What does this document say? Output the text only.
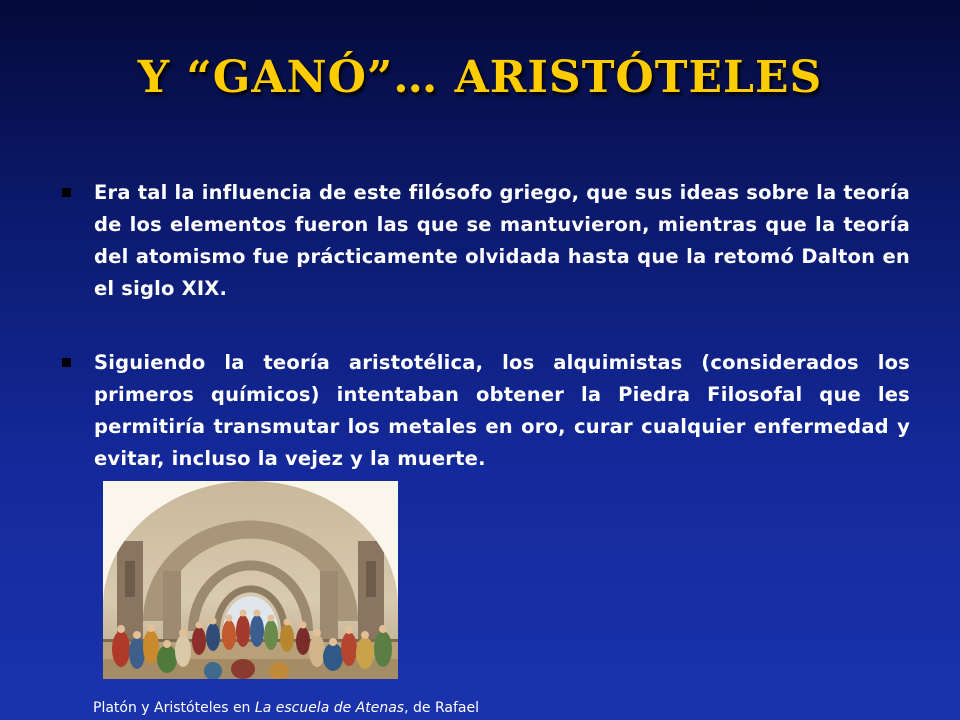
Y “GANÓ”… ARISTÓTELES
Era tal la influencia de este filósofo griego, que sus ideas sobre la teoría de los elementos fueron las que se mantuvieron, mientras que la teoría del atomismo fue prácticamente olvidada hasta que la retomó Dalton en el siglo XIX.
Siguiendo la teoría aristotélica, los alquimistas (considerados los primeros químicos) intentaban obtener la Piedra Filosofal que les permitiría transmutar los metales en oro, curar cualquier enfermedad y evitar, incluso la vejez y la muerte.
Platón y Aristóteles en La escuela de Atenas, de Rafael
